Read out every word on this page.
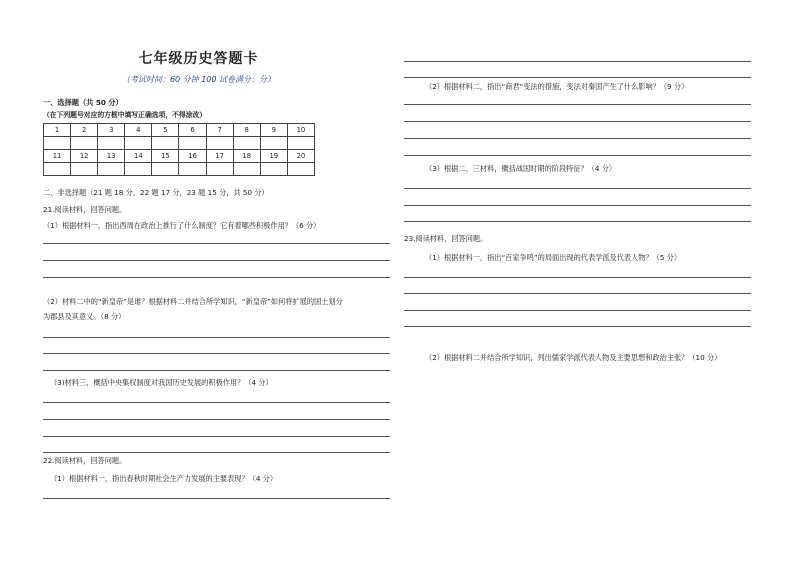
七年级历史答题卡
（考试时间：60 分钟 100 试卷满分：分）
一、选择题（共 50 分）
（在下列题号对应的方框中填写正确选项，不得涂改）
1	2	3	4	5	6	7	8	9	10

11	12	13	14	15	16	17	18	19	20

二、非选择题（21 题 18 分，22 题 17 分，23 题 15 分，共 50 分）
21.阅读材料，回答问题。
（1）根据材料一，指出西周在政治上推行了什么制度？它有着哪些积极作用？（6 分）
（2）材料二中的“新皇帝”是谁？根据材料二并结合所学知识，“新皇帝”如何将扩展的国土划分
为郡县及其意义。（8 分）
（3)材料三，概括中央集权制度对我国历史发展的积极作用？（4 分）
22.阅读材料，回答问题。
（1）根据材料一，指出春秋时期社会生产力发展的主要表现？（4 分）
（2）根据材料二，指出“商君”变法的措施，变法对秦国产生了什么影响？（9 分）
（3）根据二、三材料，概括战国时期的阶段特征？（4 分）
23.阅读材料，回答问题。
（1）根据材料一，指出“百家争鸣”的局面出现的代表学派及代表人物？（5 分）
（2）根据材料二并结合所学知识，列出儒家学派代表人物及主要思想和政治主张？（10 分）
